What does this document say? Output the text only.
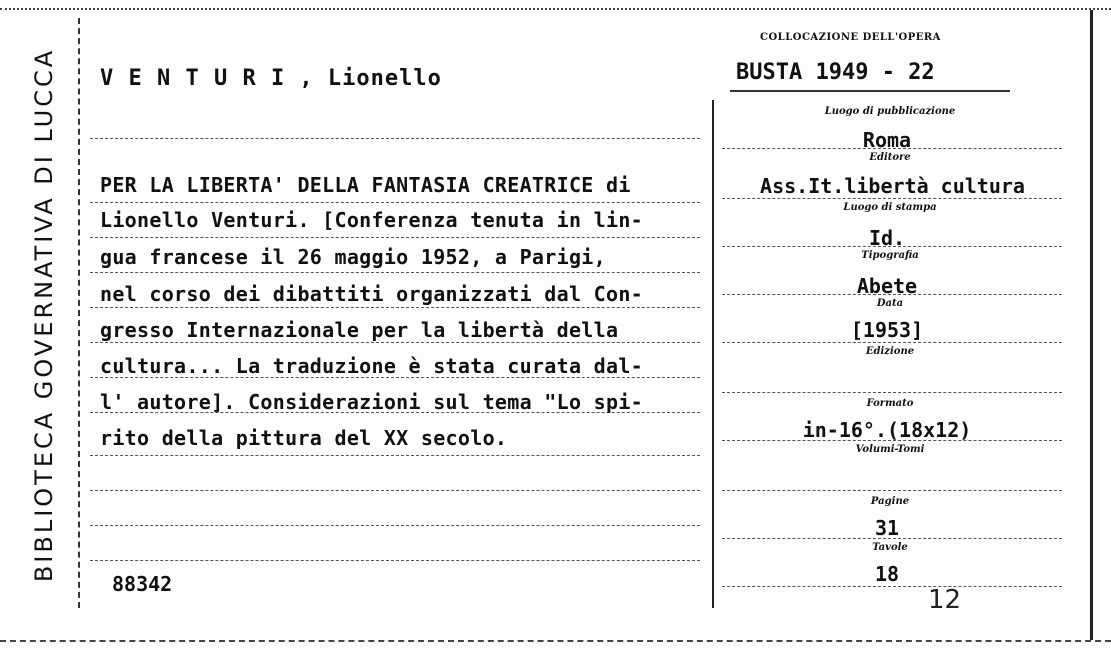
BIBLIOTECA GOVERNATIVA DI LUCCA
COLLOCAZIONE DELL'OPERA
BUSTA 1949 - 22
V E N T U R I , Lionello
PER LA LIBERTA' DELLA FANTASIA CREATRICE di
Lionello Venturi. [Conferenza tenuta in lin-
gua francese il 26 maggio 1952, a Parigi,
nel corso dei dibattiti organizzati dal Con-
gresso Internazionale per la libertà della
cultura... La traduzione è stata curata dal-
l' autore]. Considerazioni sul tema "Lo spi-
rito della pittura del XX secolo.
88342
Luogo di pubblicazione
Roma
Editore
Ass.It.libertà cultura
Luogo di stampa
Id.
Tipografia
Abete
Data
[1953]
Edizione
Formato
in-16°.(18x12)
Volumi-Tomi
Pagine
31
Tavole
18
12
